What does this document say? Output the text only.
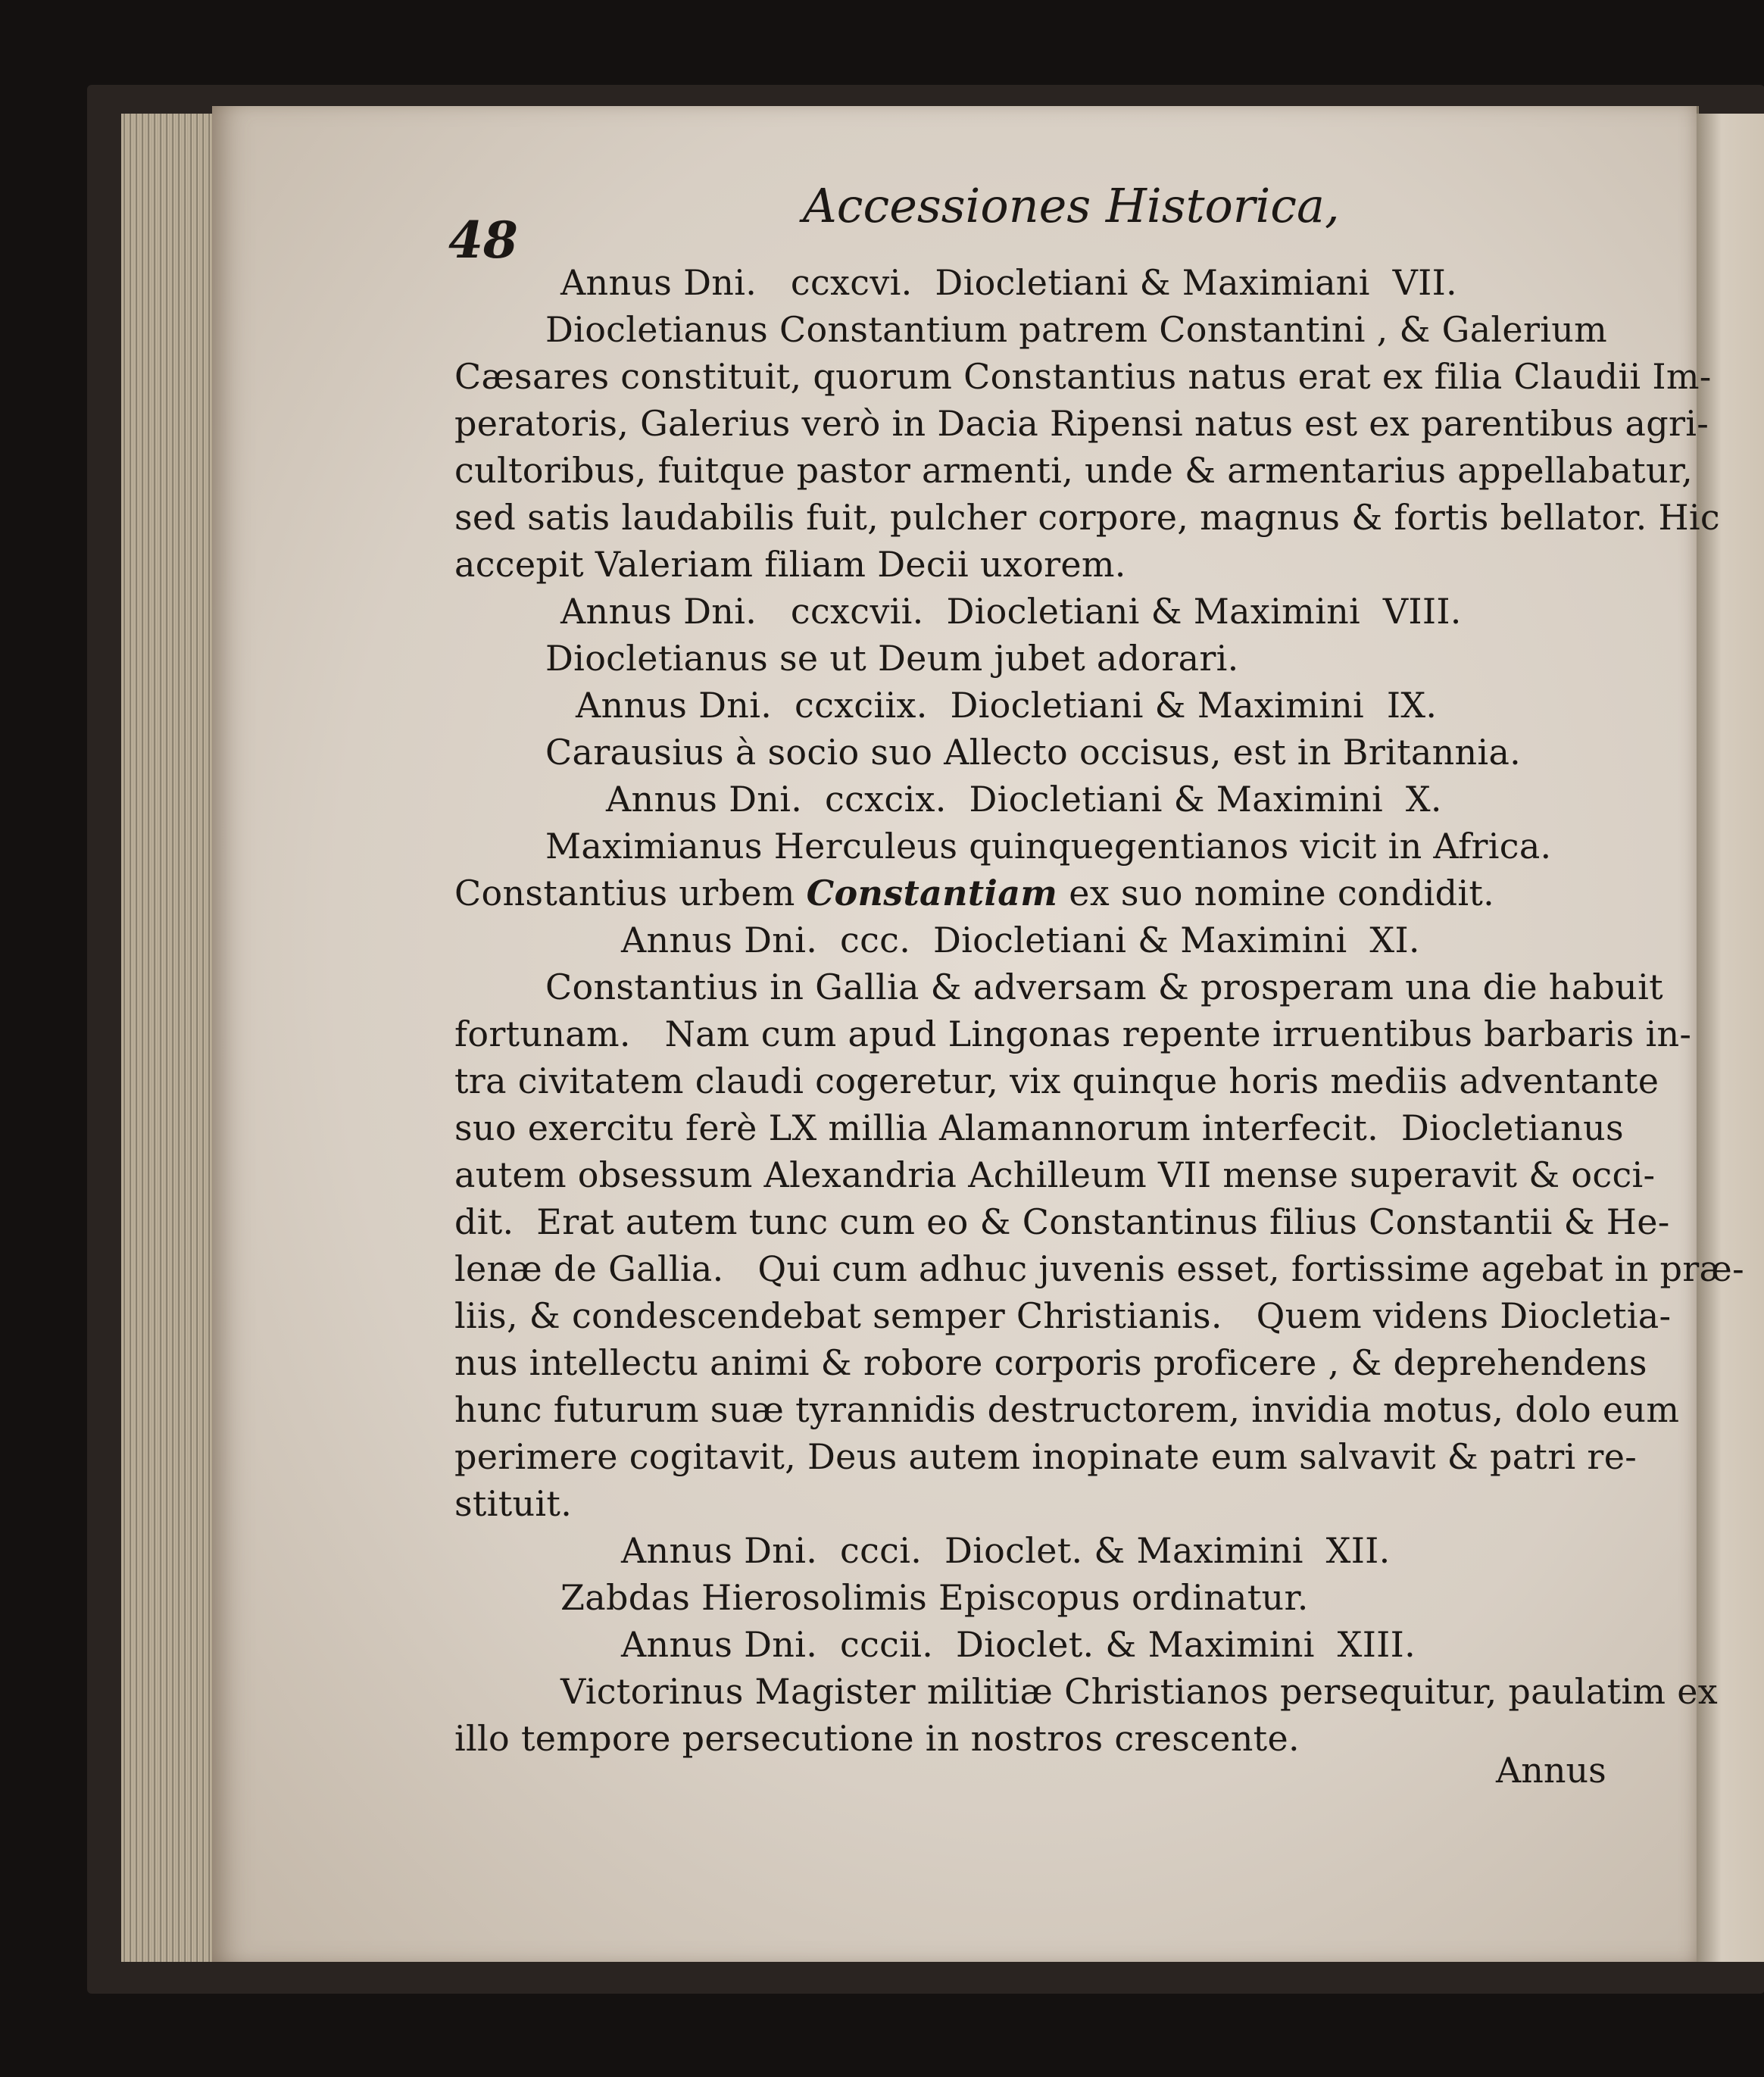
48
Accessiones Historica,
Annus Dni.   ccxcvi.  Diocletiani & Maximiani  VII.
Diocletianus Constantium patrem Constantini , & Galerium
Cæsares constituit, quorum Constantius natus erat ex filia Claudii Im-
peratoris, Galerius verò in Dacia Ripensi natus est ex parentibus agri-
cultoribus, fuitque pastor armenti, unde & armentarius appellabatur,
sed satis laudabilis fuit, pulcher corpore, magnus & fortis bellator. Hic
accepit Valeriam filiam Decii uxorem.
Annus Dni.   ccxcvii.  Diocletiani & Maximini  VIII.
Diocletianus se ut Deum jubet adorari.
Annus Dni.  ccxciix.  Diocletiani & Maximini  IX.
Carausius à socio suo Allecto occisus, est in Britannia.
Annus Dni.  ccxcix.  Diocletiani & Maximini  X.
Maximianus Herculeus quinquegentianos vicit in Africa.
Constantius urbem Constantiam ex suo nomine condidit.
Annus Dni.  ccc.  Diocletiani & Maximini  XI.
Constantius in Gallia & adversam & prosperam una die habuit
fortunam.   Nam cum apud Lingonas repente irruentibus barbaris in-
tra civitatem claudi cogeretur, vix quinque horis mediis adventante
suo exercitu ferè LX millia Alamannorum interfecit.  Diocletianus
autem obsessum Alexandria Achilleum VII mense superavit & occi-
dit.  Erat autem tunc cum eo & Constantinus filius Constantii & He-
lenæ de Gallia.   Qui cum adhuc juvenis esset, fortissime agebat in præ-
liis, & condescendebat semper Christianis.   Quem videns Diocletia-
nus intellectu animi & robore corporis proficere , & deprehendens
hunc futurum suæ tyrannidis destructorem, invidia motus, dolo eum
perimere cogitavit, Deus autem inopinate eum salvavit & patri re-
stituit.
Annus Dni.  ccci.  Dioclet. & Maximini  XII.
Zabdas Hierosolimis Episcopus ordinatur.
Annus Dni.  cccii.  Dioclet. & Maximini  XIII.
Victorinus Magister militiæ Christianos persequitur, paulatim ex
illo tempore persecutione in nostros crescente.
Annus
